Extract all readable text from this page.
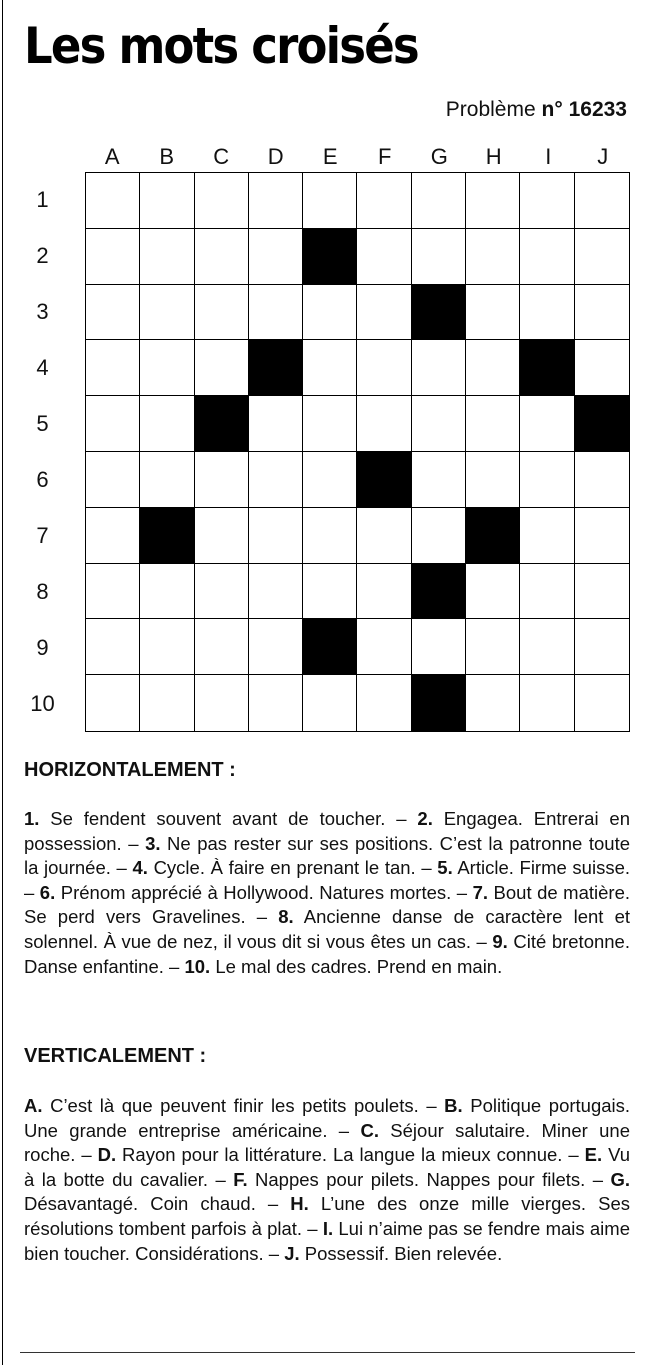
Les mots croisés
Problème n° 16233
A	B	C	D	E	F	G	H	I	J
1
2
3
4
5
6
7
8
9
10
HORIZONTALEMENT :

1. Se fendent souvent avant de toucher. – 2. Engagea. Entrerai en possession. – 3. Ne pas rester sur ses positions. C’est la patronne toute la journée. – 4. Cycle. À faire en prenant le tan. – 5. Article. Firme suisse. – 6. Prénom apprécié à Hollywood. Natures mortes. – 7. Bout de matière. Se perd vers Gravelines. – 8. Ancienne danse de caractère lent et solennel. À vue de nez, il vous dit si vous êtes un cas. – 9. Cité bretonne. Danse enfantine. – 10. Le mal des cadres. Prend en main.

VERTICALEMENT :

A. C’est là que peuvent finir les petits poulets. – B. Politique portugais. Une grande entreprise américaine. – C. Séjour salutaire. Miner une roche. – D. Rayon pour la littérature. La langue la mieux connue. – E. Vu à la botte du cavalier. – F. Nappes pour pilets. Nappes pour filets. – G. Désavantagé. Coin chaud. – H. L’une des onze mille vierges. Ses résolutions tombent parfois à plat. – I. Lui n’aime pas se fendre mais aime bien toucher. Considérations. – J. Possessif. Bien relevée.
